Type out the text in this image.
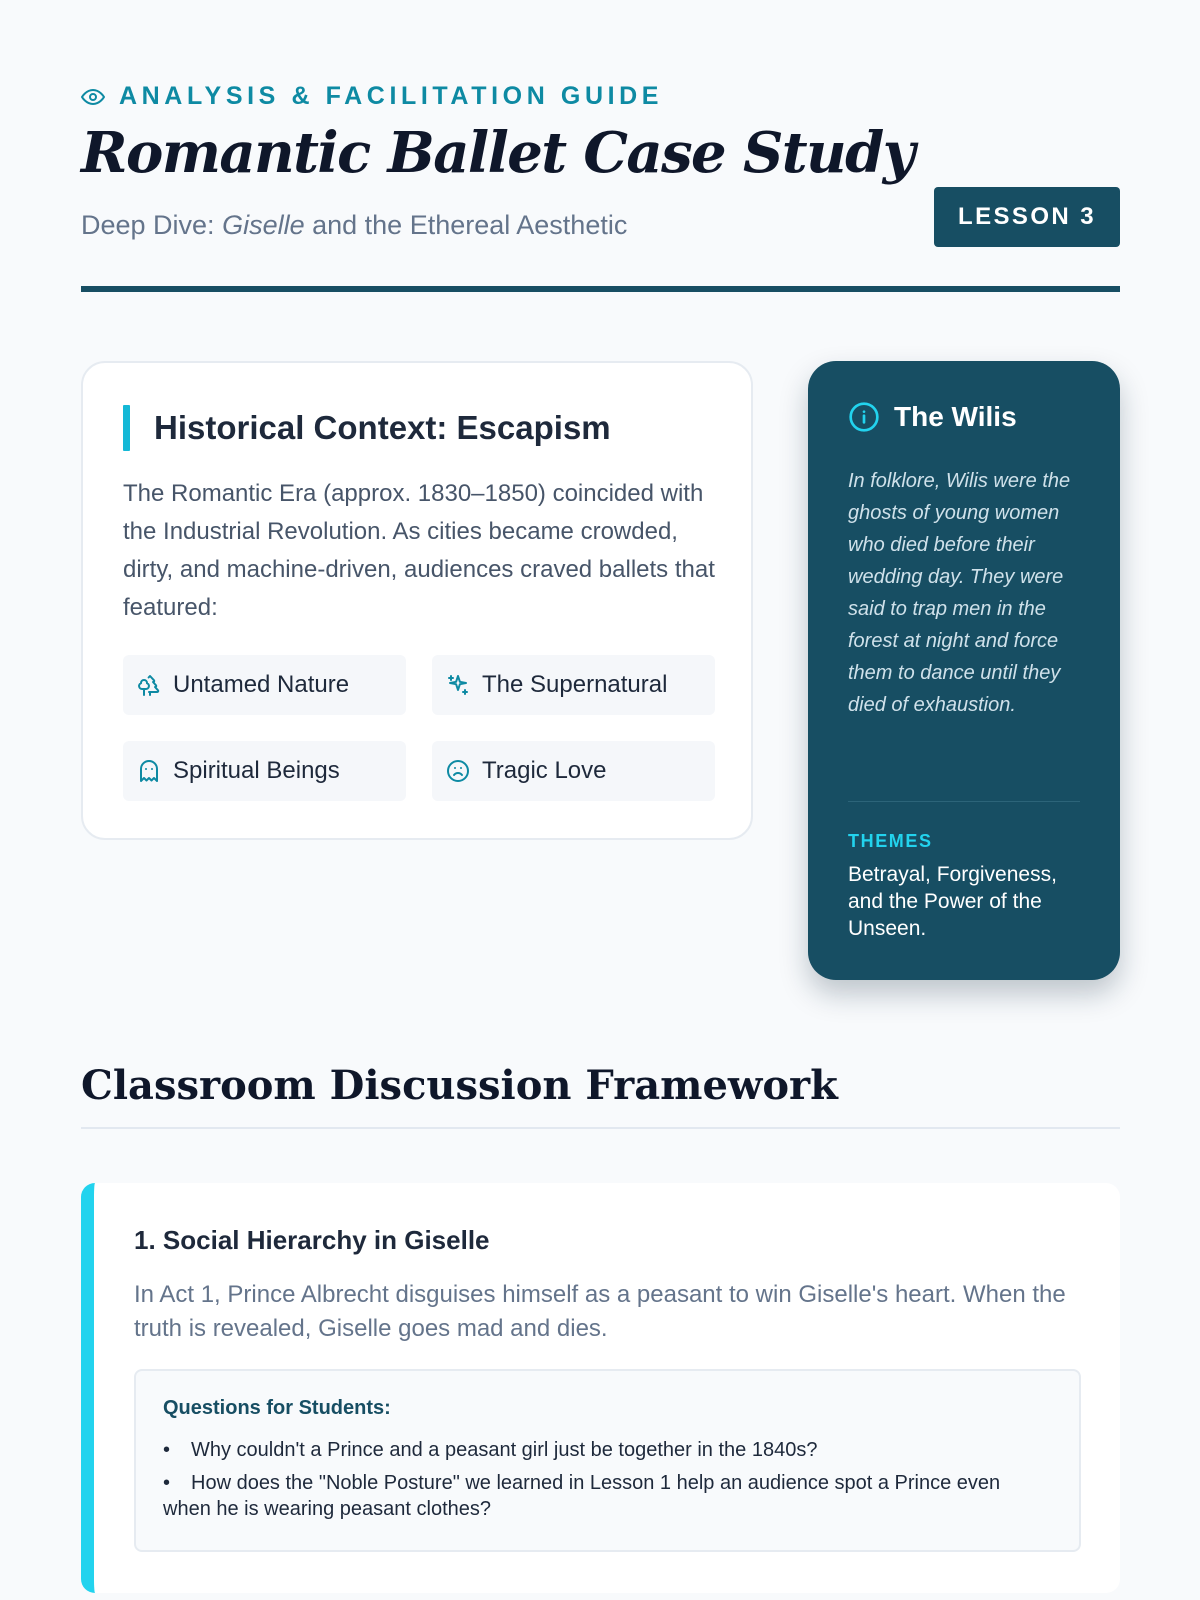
ANALYSIS & FACILITATION GUIDE
Romantic Ballet Case Study
Deep Dive: Giselle and the Ethereal Aesthetic	LESSON 3
Historical Context: Escapism

The Romantic Era (approx. 1830–1850) coincided with the Industrial Revolution. As cities became crowded, dirty, and machine-driven, audiences craved ballets that featured:

Untamed Nature	The Supernatural
Spiritual Beings	Tragic Love
The Wilis

In folklore, Wilis were the ghosts of young women who died before their wedding day. They were said to trap men in the forest at night and force them to dance until they died of exhaustion.

THEMES

Betrayal, Forgiveness, and the Power of the Unseen.

Classroom Discussion Framework
1. Social Hierarchy in Giselle

In Act 1, Prince Albrecht disguises himself as a peasant to win Giselle's heart. When the truth is revealed, Giselle goes mad and dies.

Questions for Students:
• Why couldn't a Prince and a peasant girl just be together in the 1840s?
• How does the "Noble Posture" we learned in Lesson 1 help an audience spot a Prince even when he is wearing peasant clothes?
